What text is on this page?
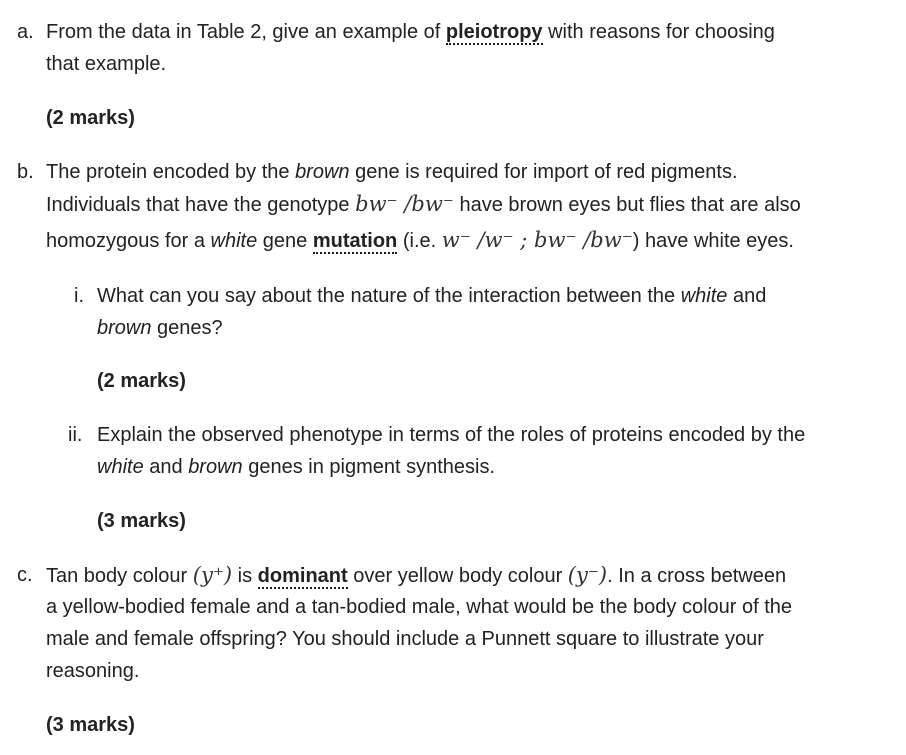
a. From the data in Table 2, give an example of pleiotropy with reasons for choosing
that example.
(2 marks)
b. The protein encoded by the brown gene is required for import of red pigments.
Individuals that have the genotype bw⁻ /bw⁻ have brown eyes but flies that are also
homozygous for a white gene mutation (i.e. w⁻ /w⁻ ; bw⁻ /bw⁻) have white eyes.
i. What can you say about the nature of the interaction between the white and
brown genes?
(2 marks)
ii. Explain the observed phenotype in terms of the roles of proteins encoded by the
white and brown genes in pigment synthesis.
(3 marks)
c. Tan body colour (y⁺) is dominant over yellow body colour (y⁻). In a cross between
a yellow-bodied female and a tan-bodied male, what would be the body colour of the
male and female offspring? You should include a Punnett square to illustrate your
reasoning.
(3 marks)
